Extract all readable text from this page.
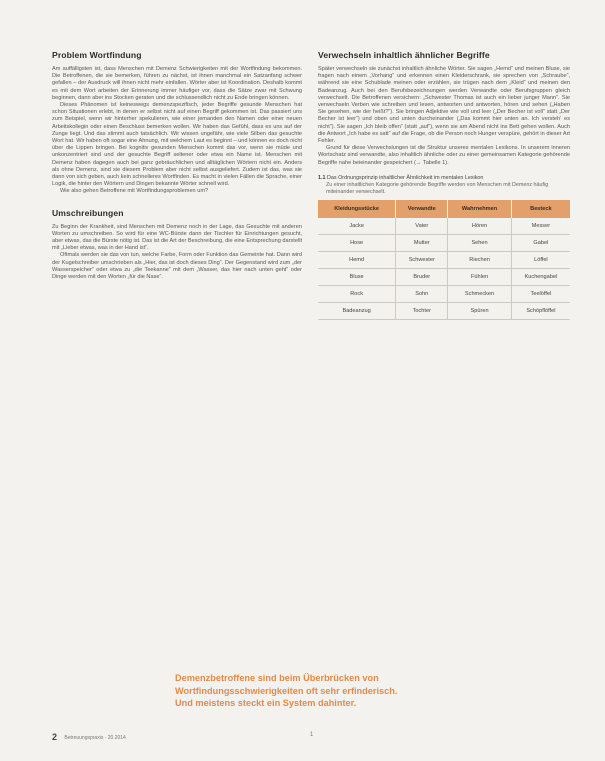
Problem Wortfindung

Am auffälligsten ist, dass Menschen mit Demenz Schwierigkeiten mit der Wortfindung bekommen. Die Betroffenen, die sie bemerken, führen zu nächst, ist ihnen manchmal ein Satzanfang schwer gefallen – der Ausdruck will ihnen nicht mehr einfallen. Wörter aber ist Koordination. Deshalb kommt es mit dem Wort arbeiten der Erinnerung immer häufiger vor, dass die Sätze zwar mit Schwung beginnen, dann aber ins Stocken geraten und die schlussendlich nicht zu Ende bringen können.

Dieses Phänomen ist keineswegs demenzspezifisch, jeder Begriffe gesunde Menschen hat schon Situationen erlebt, in denen er selbst nicht auf einen Begriff gekommen ist. Das passiert uns zum Beispiel, wenn wir hinterher spekulieren, wie einer jemanden den Namen oder einer neuen Arbeitskollegin oder einen Beschluss bemerken wollen. Wir haben das Gefühl, dass es uns auf der Zunge liegt. Und das stimmt auch tatsächlich. Wir wissen ungefähr, wie viele Silben das gesuchte Wort hat. Wir haben oft sogar eine Ahnung, mit welchem Laut es beginnt – und können es doch nicht über die Lippen bringen. Bei kognitiv gesunden Menschen kommt das vor, wenn sie müde und unkonzentriert sind und der gesuchte Begriff seltener oder etwa ein Name ist. Menschen mit Demenz haben dagegen auch bei ganz gebräuchlichen und alltäglichen Wörtern nicht ein. Anders als ohne Demenz, sind sie diesem Problem aber nicht selbst ausgeliefert. Zudem ist das, was sie dann von sich geben, auch kein schnelleres Wortfinden. Es macht in vielen Fällen die Sprache, einer Logik, die hinter den Wörtern und Dingen bekannte Wörter schnell wird.

Wie also gehen Betroffene mit Wortfindungsproblemen um?

Umschreibungen

Zu Beginn der Krankheit, sind Menschen mit Demenz noch in der Lage, das Gesuchte mit anderen Worten zu umschreiben. So wird für eine WC-Bürste dann der Tischler für Einrichtungen gesucht, aber etwas, das die Bürste nötig ist. Das ist die Art der Beschreibung, die eine Entsprechung darstellt mit „Lieber etwas, was in der Hand ist“.

Oftmals werden sie das von tun, welche Farbe, Form oder Funktion das Gemeinte hat. Dann wird der Kugelschreiber umschrieben als „Hier, das ist doch dieses Ding“. Der Gegenstand wird zum „der Wasserspeicher“ oder etwa zu „die Teekanne“ mit dem „Wasser, das hier nach unten geht“ oder Dinge werden mit den Worten „für die Nase“.

Verwechseln inhaltlich ähnlicher Begriffe

Später verwechseln sie zunächst inhaltlich ähnliche Wörter. Sie sagen „Hemd“ und meinen Bluse, sie fragen nach einem „Vorhang“ und erkennen einen Kleiderschrank, sie sprechen von „Schraube“, während sie eine Schublade meinen oder erzählen, sie trügen nach dem „Kleid“ und meinen den Badeanzug. Auch bei den Berufsbezeichnungen werden Verwandte oder Berufsgruppen gleich verwechselt. Die Betroffenen versichern: „Schwester Thomas ist auch ein lieber junger Mann“. Sie verwechseln Verben wie schreiben und lesen, antworten und antworten, hören und sehen („Haben Sie gesehen, wie der heißt?“). Sie bringen Adjektive wie voll und leer („Der Becher ist voll“ statt „Der Becher ist leer“) und oben und unten durcheinander („Das kommt hier unten an. Ich versteh‘ es nicht“). Sie sagen „Ich bleib offen“ (statt „auf“), wenn sie am Abend nicht ins Bett gehen wollen. Auch die Antwort „Ich habe es satt“ auf die Frage, ob die Person noch Hunger verspüre, gehört in dieser Art Fehler.

Grund für diese Verwechslungen ist die Struktur unseres mentalen Lexikons. In unserem inneren Wortschatz sind verwandte, also inhaltlich ähnliche oder zu einer gemeinsamen Kategorie gehörende Begriffe nahe beieinander gespeichert (→ Tabelle 1).

1.1 Das Ordnungsprinzip inhaltlicher Ähnlichkeit im mentalen Lexikon
Zu einer inhaltlichen Kategorie gehörende Begriffe werden von Menschen mit Demenz häufig miteinander verwechselt.
Kleidungsstücke	Verwandte	Wahrnehmen	Besteck
Jacke	Vater	Hören	Messer
Hose	Mutter	Sehen	Gabel
Hemd	Schwester	Riechen	Löffel
Bluse	Bruder	Fühlen	Kuchengabel
Rock	Sohn	Schmecken	Teelöffel
Badeanzug	Tochter	Spüren	Schöpflöffel
Demenzbetroffene sind beim Überbrücken von
Wortfindungsschwierigkeiten oft sehr erfinderisch.
Und meistens steckt ein System dahinter.
2 Betreuungspraxis · 20.2014	1
